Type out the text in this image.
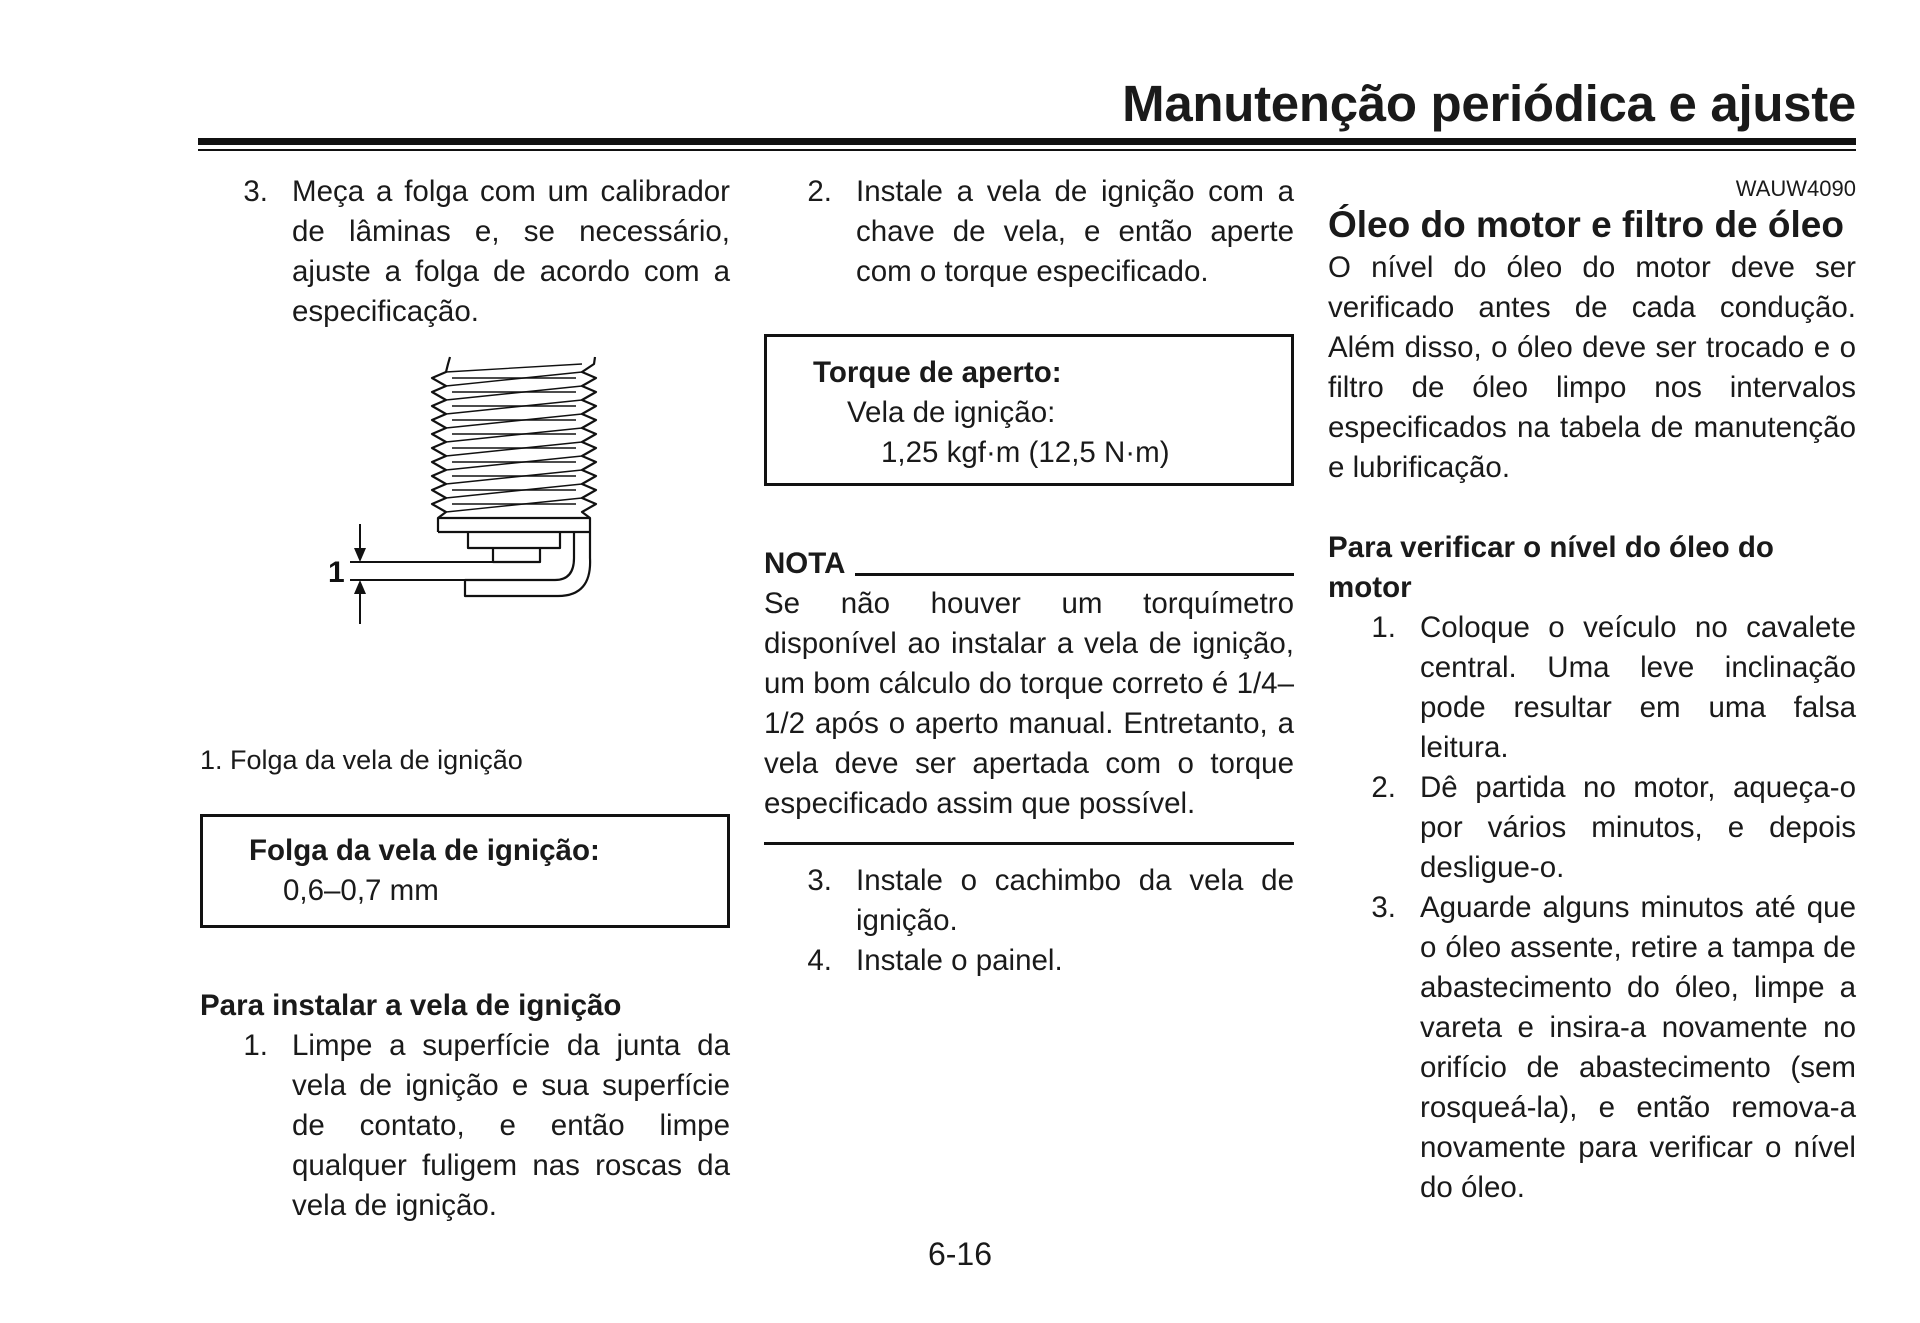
Manutenção periódica e ajuste
3. Meça a folga com um calibrador de lâminas e, se necessário, ajuste a folga de acordo com a especificação.
1

1. Folga da vela de ignição

Folga da vela de ignição:
0,6–0,7 mm

Para instalar a vela de ignição

1. Limpe a superfície da junta da vela de ignição e sua superfície de contato, e então limpe qualquer fuligem nas roscas da vela de ignição.
2. Instale a vela de ignição com a chave de vela, e então aperte com o torque especificado.
Torque de aperto:
Vela de ignição:
1,25 kgf·m (12,5 N·m)
NOTA

Se não houver um torquímetro disponível ao instalar a vela de ignição, um bom cálculo do torque correto é 1/4–1/2 após o aperto manual. Entretanto, a vela deve ser apertada com o torque especificado assim que possível.

3. Instale o cachimbo da vela de ignição.
4. Instale o painel.
WAUW4090
Óleo do motor e filtro de óleo

O nível do óleo do motor deve ser verificado antes de cada condução. Além disso, o óleo deve ser trocado e o filtro de óleo limpo nos intervalos especificados na tabela de manutenção e lubrificação.

Para verificar o nível do óleo do motor

1. Coloque o veículo no cavalete central. Uma leve inclinação pode resultar em uma falsa leitura.
2. Dê partida no motor, aqueça-o por vários minutos, e depois desligue-o.
3. Aguarde alguns minutos até que o óleo assente, retire a tampa de abastecimento do óleo, limpe a vareta e insira-a novamente no orifício de abastecimento (sem rosqueá-la), e então remova-a novamente para verificar o nível do óleo.

6-16
